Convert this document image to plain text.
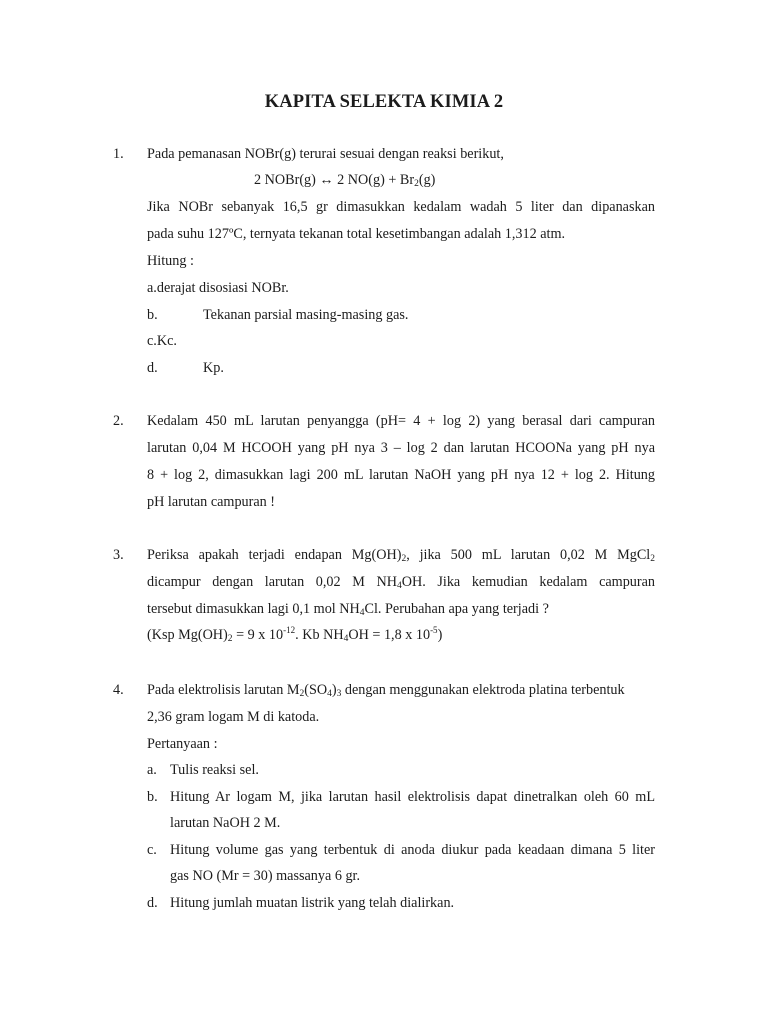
KAPITA SELEKTA KIMIA 2
1. Pada pemanasan NOBr(g) terurai sesuai dengan reaksi berikut,
2 NOBr(g) ↔ 2 $NO(g) + Br_2(g)$
Jika NOBr sebanyak 16,5 gr dimasukkan kedalam wadah 5 liter dan dipanaskan
pada suhu 127ºC, ternyata tekanan total kesetimbangan adalah 1,312 atm.
Hitung :
a.derajat disosiasi NOBr.
b.	Tekanan parsial masing-masing gas.
c.Kc.
d.	Kp.
2. Kedalam 450 mL larutan penyangga (pH= 4 + log 2) yang berasal dari campuran
larutan 0,04 M HCOOH yang pH nya 3 – log 2 dan larutan HCOONa yang pH nya
8 + log 2, dimasukkan lagi 200 mL larutan NaOH yang pH nya 12 + log 2. Hitung
pH larutan campuran !
3. Periksa apakah terjadi endapan $Mg(OH)_2$, jika 500 mL larutan 0,02 M MgCl$_2$
dicampur dengan larutan 0,02 M $NH_4OH$. Jika kemudian kedalam campuran
tersebut dimasukkan lagi 0,1 mol $NH_4Cl$. Perubahan apa yang terjadi ?
(Ksp $Mg(OH)_2 = 9$ x $10^{-12}$. Kb $NH_4OH = 1,8$ x $10^{-5}$)
4. Pada elektrolisis larutan $M_2(SO_4)_3$ dengan menggunakan elektroda platina terbentuk
2,36 gram logam M di katoda.
Pertanyaan :
a. Tulis reaksi sel.
b. Hitung Ar logam M, jika larutan hasil elektrolisis dapat dinetralkan oleh 60 mL
larutan NaOH 2 M.
c. Hitung volume gas yang terbentuk di anoda diukur pada keadaan dimana 5 liter
gas NO (Mr = 30) massanya 6 gr.
d. Hitung jumlah muatan listrik yang telah dialirkan.
